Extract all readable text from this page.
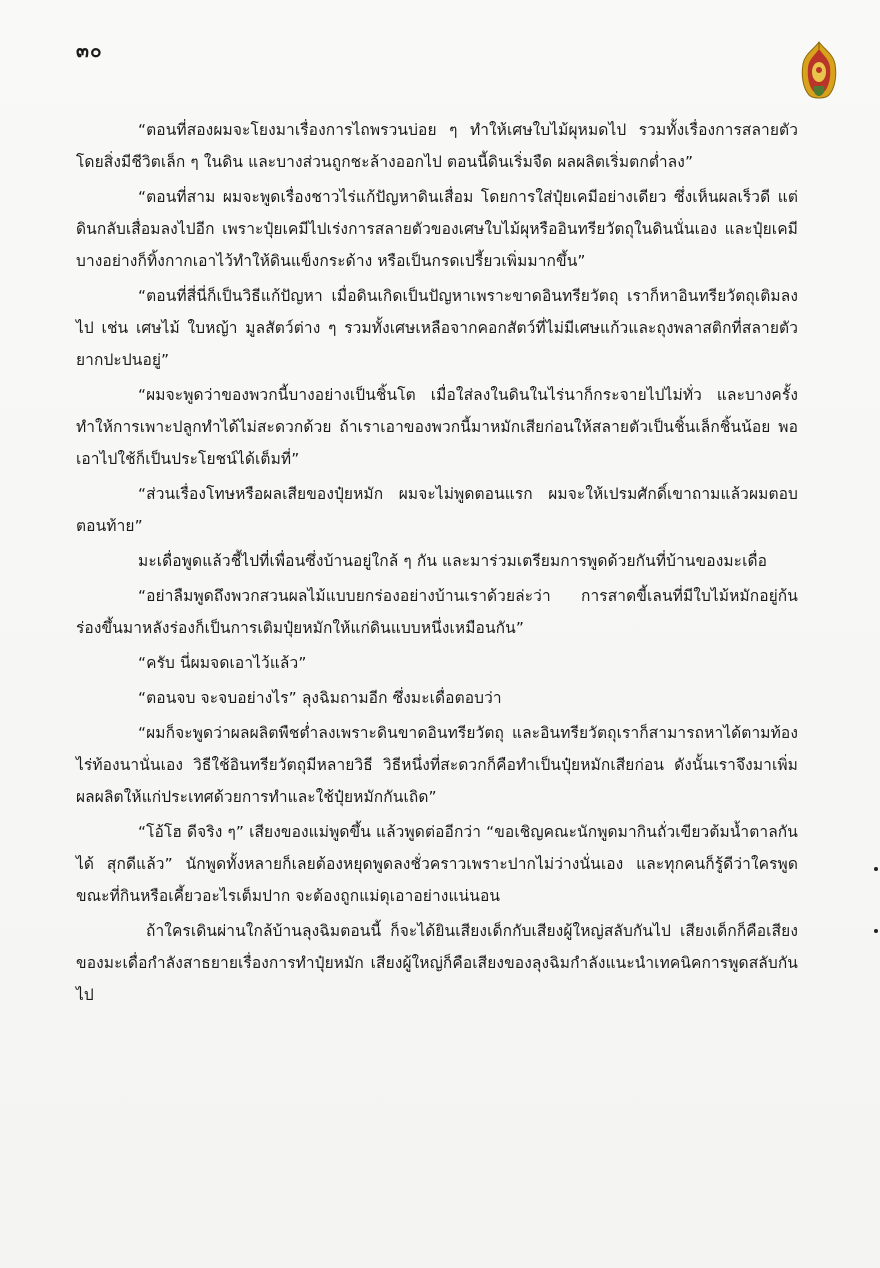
๓๐

“ตอนที่สองผมจะโยงมาเรื่องการไถพรวนบ่อย ๆ ทำให้เศษใบไม้ผุหมดไป รวมทั้งเรื่องการสลายตัวโดยสิ่งมีชีวิตเล็ก ๆ ในดิน และบางส่วนถูกชะล้างออกไป ตอนนี้ดินเริ่มจืด ผลผลิตเริ่มตกต่ำลง”

“ตอนที่สาม ผมจะพูดเรื่องชาวไร่แก้ปัญหาดินเสื่อม โดยการใส่ปุ๋ยเคมีอย่างเดียว ซึ่งเห็นผลเร็วดี แต่ดินกลับเสื่อมลงไปอีก เพราะปุ๋ยเคมีไปเร่งการสลายตัวของเศษใบไม้ผุหรืออินทรียวัตถุในดินนั่นเอง และปุ๋ยเคมีบางอย่างก็ทิ้งกากเอาไว้ทำให้ดินแข็งกระด้าง หรือเป็นกรดเปรี้ยวเพิ่มมากขึ้น”

“ตอนที่สี่นี่ก็เป็นวิธีแก้ปัญหา เมื่อดินเกิดเป็นปัญหาเพราะขาดอินทรียวัตถุ เราก็หาอินทรียวัตถุเติมลงไป เช่น เศษไม้ ใบหญ้า มูลสัตว์ต่าง ๆ รวมทั้งเศษเหลือจากคอกสัตว์ที่ไม่มีเศษแก้วและถุงพลาสติกที่สลายตัวยากปะปนอยู่”

“ผมจะพูดว่าของพวกนี้บางอย่างเป็นชิ้นโต เมื่อใส่ลงในดินในไร่นาก็กระจายไปไม่ทั่ว และบางครั้งทำให้การเพาะปลูกทำได้ไม่สะดวกด้วย ถ้าเราเอาของพวกนี้มาหมักเสียก่อนให้สลายตัวเป็นชิ้นเล็กชิ้นน้อย พอเอาไปใช้ก็เป็นประโยชน์ได้เต็มที่”

“ส่วนเรื่องโทษหรือผลเสียของปุ๋ยหมัก ผมจะไม่พูดตอนแรก ผมจะให้เปรมศักดิ์เขาถามแล้วผมตอบตอนท้าย”

มะเดื่อพูดแล้วชี้ไปที่เพื่อนซึ่งบ้านอยู่ใกล้ ๆ กัน และมาร่วมเตรียมการพูดด้วยกันที่บ้านของมะเดื่อ

“อย่าลืมพูดถึงพวกสวนผลไม้แบบยกร่องอย่างบ้านเราด้วยล่ะว่า การสาดขี้เลนที่มีใบไม้หมักอยู่ก้นร่องขึ้นมาหลังร่องก็เป็นการเติมปุ๋ยหมักให้แก่ดินแบบหนึ่งเหมือนกัน”

“ครับ นี่ผมจดเอาไว้แล้ว”

“ตอนจบ จะจบอย่างไร” ลุงฉิมถามอีก ซึ่งมะเดื่อตอบว่า

“ผมก็จะพูดว่าผลผลิตพืชต่ำลงเพราะดินขาดอินทรียวัตถุ และอินทรียวัตถุเราก็สามารถหาได้ตามท้องไร่ท้องนานั่นเอง วิธีใช้อินทรียวัตถุมีหลายวิธี วิธีหนึ่งที่สะดวกก็คือทำเป็นปุ๋ยหมักเสียก่อน ดังนั้นเราจึงมาเพิ่มผลผลิตให้แก่ประเทศด้วยการทำและใช้ปุ๋ยหมักกันเถิด”

“โอ้โฮ ดีจริง ๆ” เสียงของแม่พูดขึ้น แล้วพูดต่ออีกว่า “ขอเชิญคณะนักพูดมากินถั่วเขียวต้มน้ำตาลกันได้ สุกดีแล้ว” นักพูดทั้งหลายก็เลยต้องหยุดพูดลงชั่วคราวเพราะปากไม่ว่างนั่นเอง และทุกคนก็รู้ดีว่าใครพูดขณะที่กินหรือเคี้ยวอะไรเต็มปาก จะต้องถูกแม่ดุเอาอย่างแน่นอน

ถ้าใครเดินผ่านใกล้บ้านลุงฉิมตอนนี้ ก็จะได้ยินเสียงเด็กกับเสียงผู้ใหญ่สลับกันไป เสียงเด็กก็คือเสียงของมะเดื่อกำลังสาธยายเรื่องการทำปุ๋ยหมัก เสียงผู้ใหญ่ก็คือเสียงของลุงฉิมกำลังแนะนำเทคนิคการพูดสลับกันไป
